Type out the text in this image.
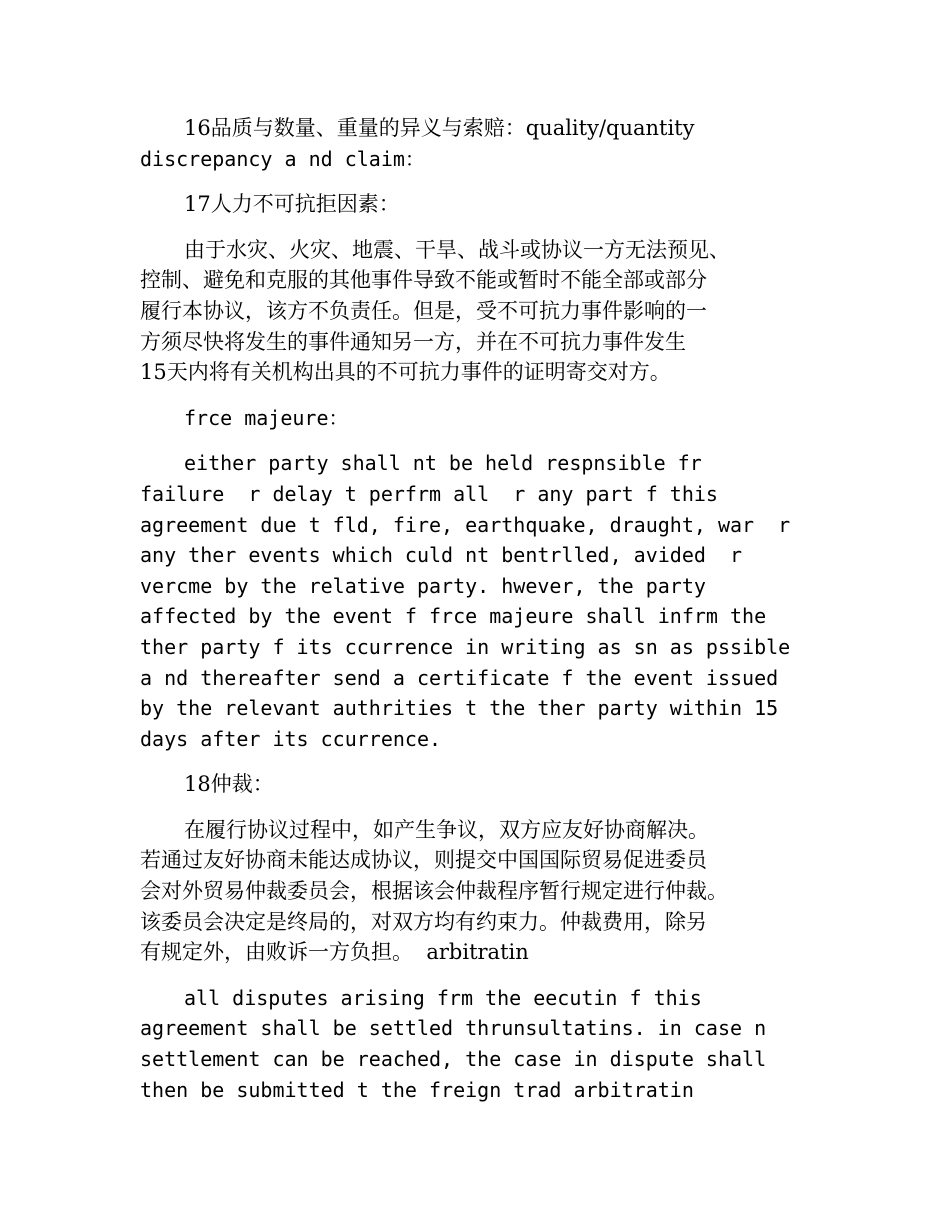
16品质与数量、重量的异义与索赔：quality/quantity
discrepancy a nd claim：

17人力不可抗拒因素：

由于水灾、火灾、地震、干旱、战斗或协议一方无法预见、
控制、避免和克服的其他事件导致不能或暂时不能全部或部分
履行本协议，该方不负责任。但是，受不可抗力事件影响的一
方须尽快将发生的事件通知另一方，并在不可抗力事件发生
15天内将有关机构出具的不可抗力事件的证明寄交对方。

frce majeure：

either party shall nt be held respnsible fr
failure  r delay t perfrm all  r any part f this
agreement due t fld, fire, earthquake, draught, war  r
any ther events which culd nt bentrlled, avided  r
vercme by the relative party. hwever, the party
affected by the event f frce majeure shall infrm the
ther party f its ccurrence in writing as sn as pssible
a nd thereafter send a certificate f the event issued
by the relevant authrities t the ther party within 15
days after its ccurrence.

18仲裁：

在履行协议过程中，如产生争议，双方应友好协商解决。
若通过友好协商未能达成协议，则提交中国国际贸易促进委员
会对外贸易仲裁委员会，根据该会仲裁程序暂行规定进行仲裁。
该委员会决定是终局的，对双方均有约束力。仲裁费用，除另
有规定外，由败诉一方负担。  arbitratin

all disputes arising frm the eecutin f this
agreement shall be settled thrunsultatins. in case n
settlement can be reached, the case in dispute shall
then be submitted t the freign trad arbitratin
